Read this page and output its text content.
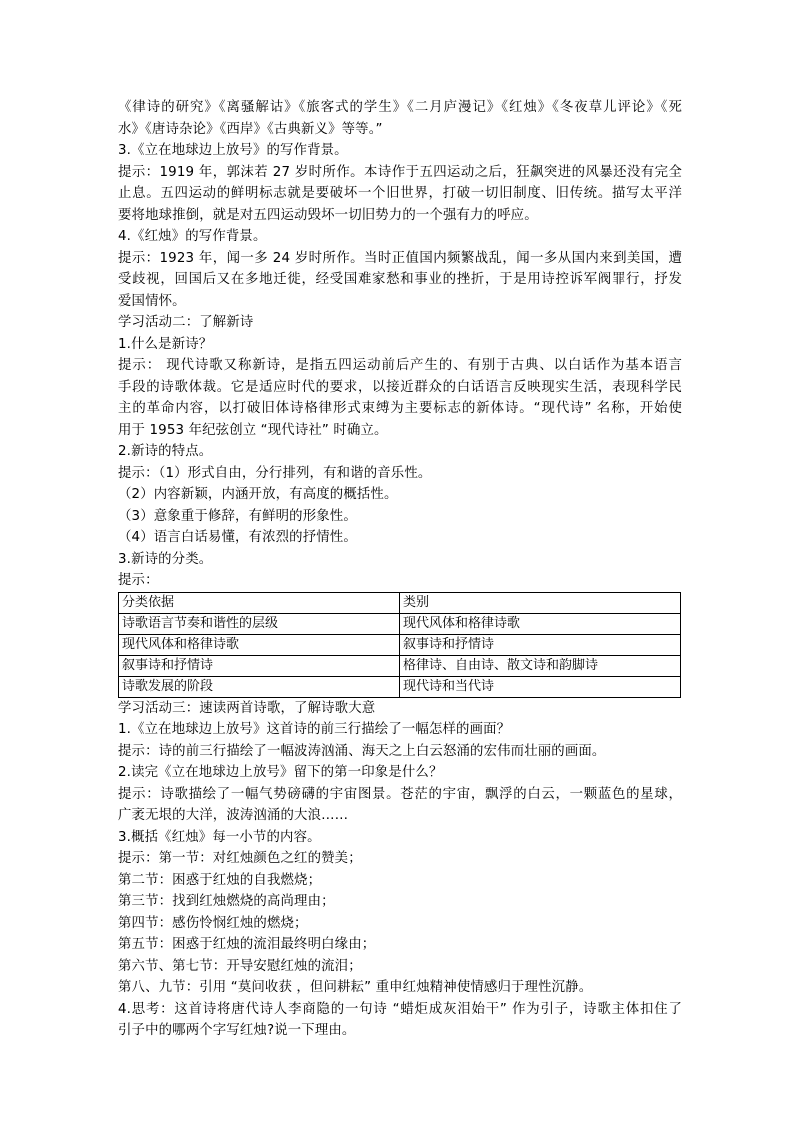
《律诗的研究》《离骚解诂》《旅客式的学生》《二月庐漫记》《红烛》《冬夜草儿评论》《死
水》《唐诗杂论》《西岸》《古典新义》等等。”
3.《立在地球边上放号》的写作背景。
提示：1919 年，郭沫若 27 岁时所作。本诗作于五四运动之后，狂飙突进的风暴还没有完全
止息。五四运动的鲜明标志就是要破坏一个旧世界，打破一切旧制度、旧传统。描写太平洋
要将地球推倒，就是对五四运动毁坏一切旧势力的一个强有力的呼应。
4.《红烛》的写作背景。
提示：1923 年，闻一多 24 岁时所作。当时正值国内频繁战乱，闻一多从国内来到美国，遭
受歧视，回国后又在多地迁徙，经受国难家愁和事业的挫折，于是用诗控诉军阀罪行，抒发
爱国情怀。
学习活动二：了解新诗
1.什么是新诗？
提示： 现代诗歌又称新诗，是指五四运动前后产生的、有别于古典、以白话作为基本语言
手段的诗歌体裁。它是适应时代的要求，以接近群众的白话语言反映现实生活，表现科学民
主的革命内容，以打破旧体诗格律形式束缚为主要标志的新体诗。“现代诗” 名称，开始使
用于 1953 年纪弦创立 “现代诗社” 时确立。
2.新诗的特点。
提示：（1）形式自由，分行排列，有和谐的音乐性。
（2）内容新颖，内涵开放，有高度的概括性。
（3）意象重于修辞，有鲜明的形象性。
（4）语言白话易懂，有浓烈的抒情性。
3.新诗的分类。
提示：
分类依据	类别
诗歌语言节奏和谐性的层级	现代风体和格律诗歌
现代风体和格律诗歌	叙事诗和抒情诗
叙事诗和抒情诗	格律诗、自由诗、散文诗和韵脚诗
诗歌发展的阶段	现代诗和当代诗
学习活动三：速读两首诗歌，了解诗歌大意
1.《立在地球边上放号》这首诗的前三行描绘了一幅怎样的画面？
提示：诗的前三行描绘了一幅波涛汹涌、海天之上白云怒涌的宏伟而壮丽的画面。
2.读完《立在地球边上放号》留下的第一印象是什么？
提示：诗歌描绘了一幅气势磅礴的宇宙图景。苍茫的宇宙，飘浮的白云，一颗蓝色的星球，
广袤无垠的大洋，波涛汹涌的大浪……
3.概括《红烛》每一小节的内容。
提示：第一节：对红烛颜色之红的赞美；
第二节：困惑于红烛的自我燃烧；
第三节：找到红烛燃烧的高尚理由；
第四节：感伤怜悯红烛的燃烧；
第五节：困惑于红烛的流泪最终明白缘由；
第六节、第七节：开导安慰红烛的流泪；
第八、九节：引用 “莫问收获 ，但问耕耘” 重申红烛精神使情感归于理性沉静。
4.思考：这首诗将唐代诗人李商隐的一句诗 “蜡炬成灰泪始干” 作为引子，诗歌主体扣住了
引子中的哪两个字写红烛?说一下理由。
